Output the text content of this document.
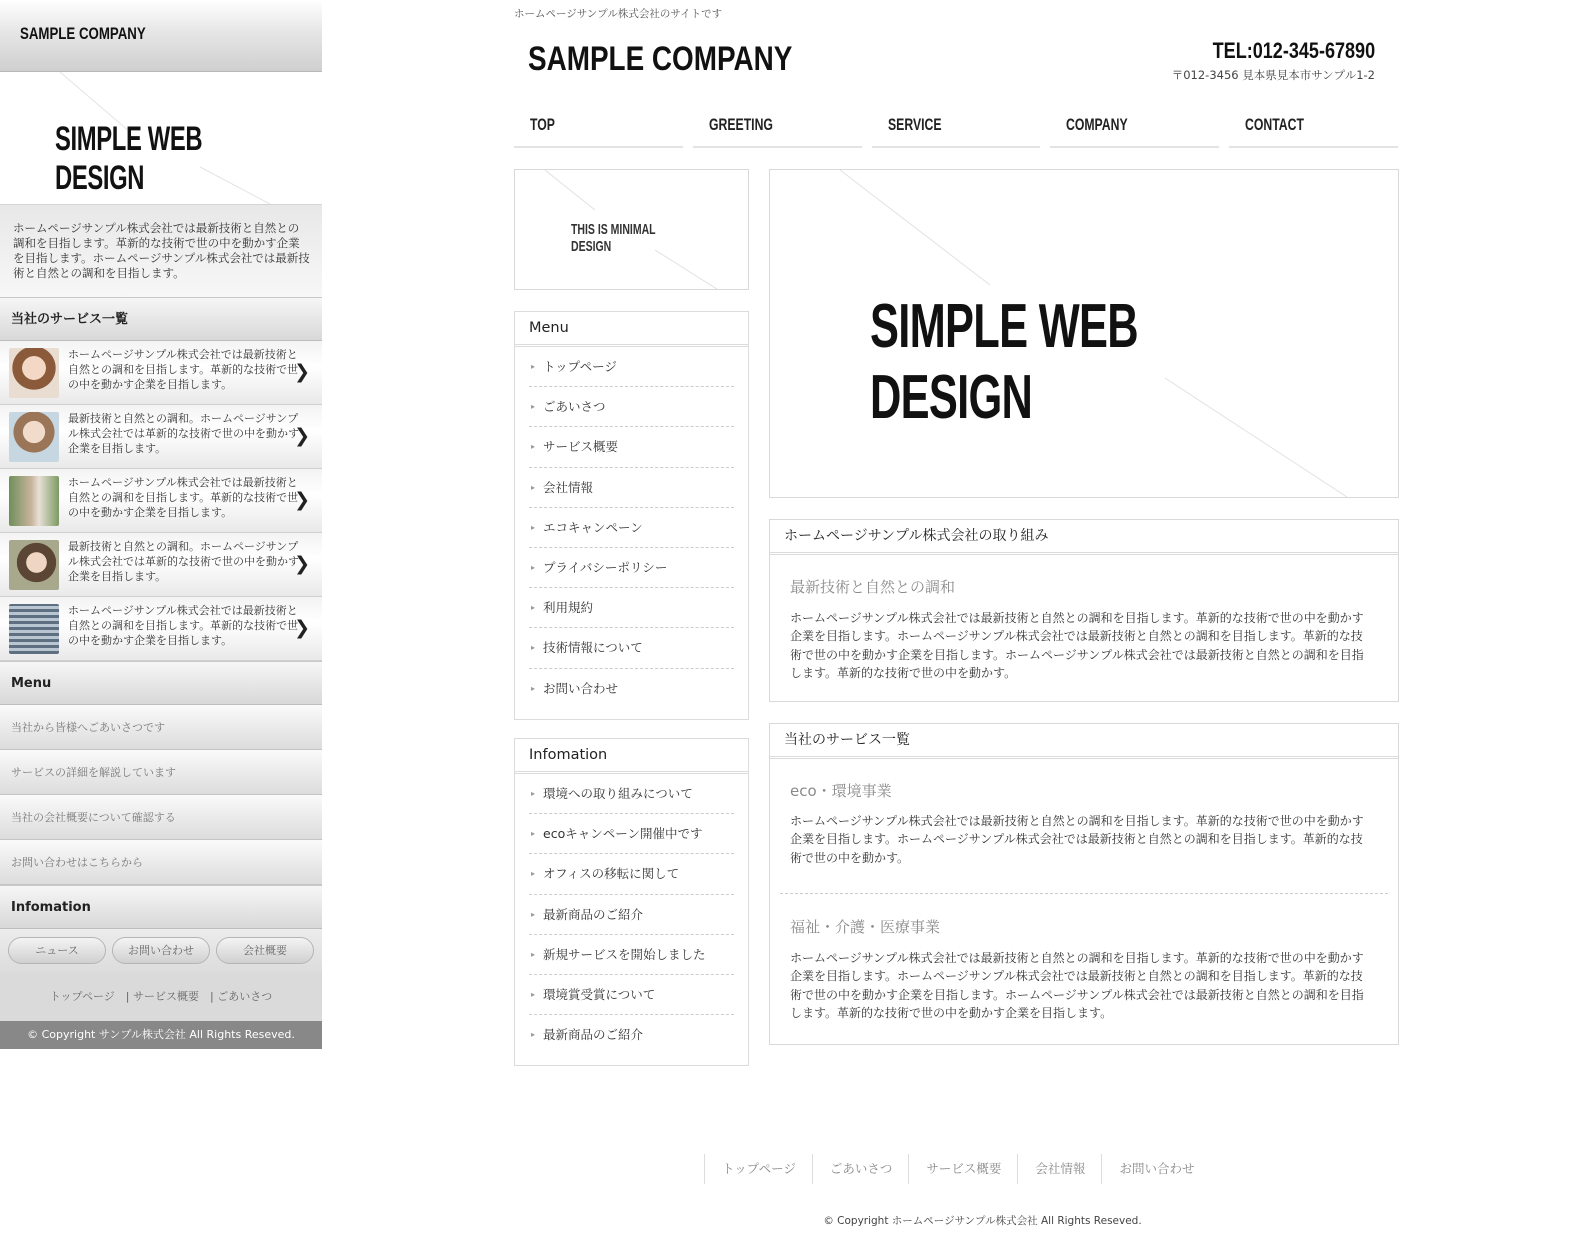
SAMPLE COMPANY
SIMPLE WEB DESIGN
ホームページサンプル株式会社では最新技術と自然との調和を目指します。革新的な技術で世の中を動かす企業を目指します。ホームページサンプル株式会社では最新技術と自然との調和を目指します。
当社のサービス一覧

ホームページサンプル株式会社では最新技術と自然との調和を目指します。革新的な技術で世の中を動かす企業を目指します。

❯

最新技術と自然との調和。ホームページサンプル株式会社では革新的な技術で世の中を動かす企業を目指します。

❯

ホームページサンプル株式会社では最新技術と自然との調和を目指します。革新的な技術で世の中を動かす企業を目指します。

❯

最新技術と自然との調和。ホームページサンプル株式会社では革新的な技術で世の中を動かす企業を目指します。

❯

ホームページサンプル株式会社では最新技術と自然との調和を目指します。革新的な技術で世の中を動かす企業を目指します。

❯
Menu
当社から皆様へごあいさつです
サービスの詳細を解説しています
当社の会社概要について確認する
お問い合わせはこちらから
Infomation
ニュース	お問い合わせ	会社概要
トップページ　| サービス概要　| ごあいさつ
© Copyright サンプル株式会社 All Rights Reseved.
ホームページサンプル株式会社のサイトです
SAMPLE COMPANY	TEL:012-345-67890
〒012-3456 見本県見本市サンプル1-2
TOP	GREETING	SERVICE	COMPANY	CONTACT
THIS IS MINIMAL DESIGN
Menu
▸ トップページ
▸ ごあいさつ
▸ サービス概要
▸ 会社情報
▸ エコキャンペーン
▸ プライバシーポリシー
▸ 利用規約
▸ 技術情報について
▸ お問い合わせ
Infomation
▸ 環境への取り組みについて
▸ ecoキャンペーン開催中です
▸ オフィスの移転に関して
▸ 最新商品のご紹介
▸ 新規サービスを開始しました
▸ 環境賞受賞について
▸ 最新商品のご紹介
SIMPLE WEB DESIGN
ホームページサンプル株式会社の取り組み
最新技術と自然との調和

ホームページサンプル株式会社では最新技術と自然との調和を目指します。革新的な技術で世の中を動かす企業を目指します。ホームページサンプル株式会社では最新技術と自然との調和を目指します。革新的な技術で世の中を動かす企業を目指します。ホームページサンプル株式会社では最新技術と自然との調和を目指します。革新的な技術で世の中を動かす。

当社のサービス一覧
eco・環境事業

ホームページサンプル株式会社では最新技術と自然との調和を目指します。革新的な技術で世の中を動かす企業を目指します。ホームページサンプル株式会社では最新技術と自然との調和を目指します。革新的な技術で世の中を動かす。

福祉・介護・医療事業

ホームページサンプル株式会社では最新技術と自然との調和を目指します。革新的な技術で世の中を動かす企業を目指します。ホームページサンプル株式会社では最新技術と自然との調和を目指します。革新的な技術で世の中を動かす企業を目指します。ホームページサンプル株式会社では最新技術と自然との調和を目指します。革新的な技術で世の中を動かす企業を目指します。

トップページ	ごあいさつ	サービス概要	会社情報	お問い合わせ
© Copyright ホームページサンプル株式会社 All Rights Reseved.
